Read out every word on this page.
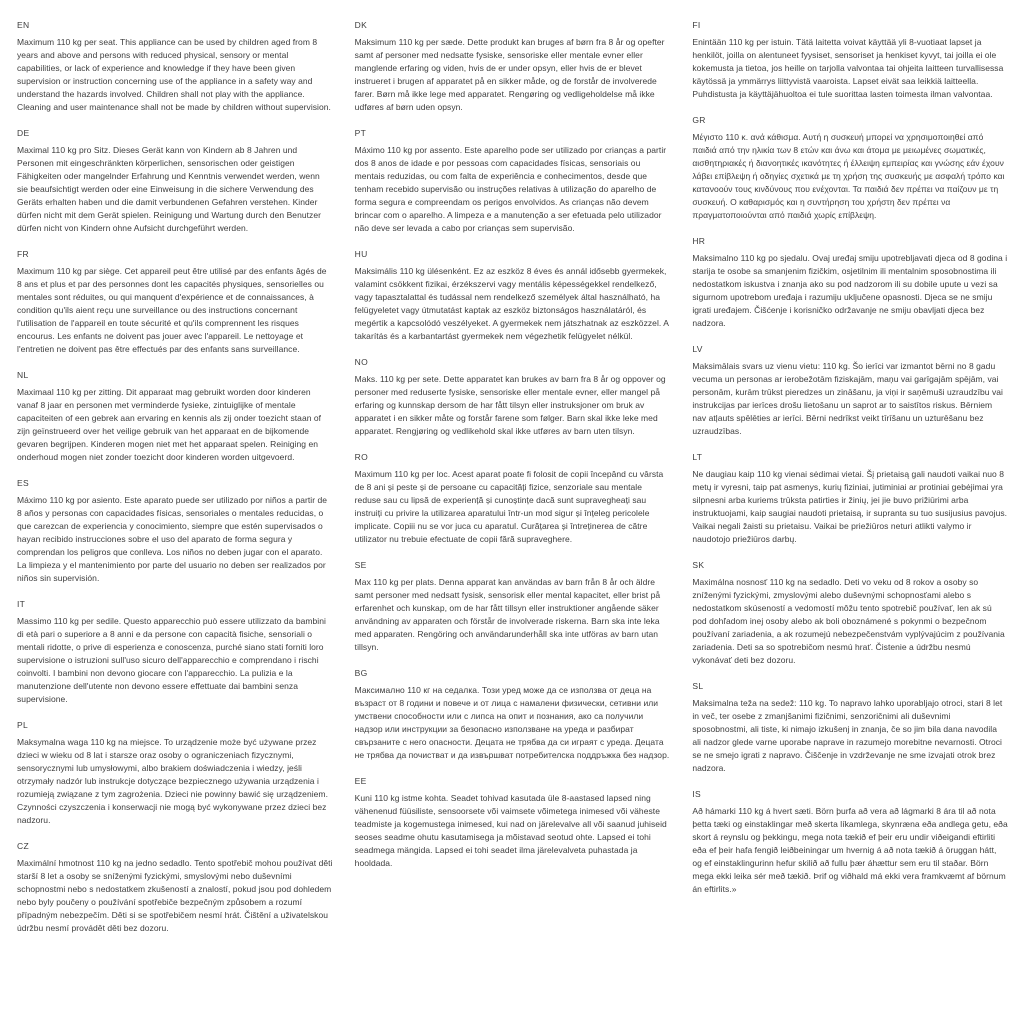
EN

Maximum 110 kg per seat. This appliance can be used by children aged from 8 years and above and persons with reduced physical, sensory or mental capabilities, or lack of experience and knowledge if they have been given supervision or instruction concerning use of the appliance in a safety way and understand the hazards involved. Children shall not play with the appliance. Cleaning and user maintenance shall not be made by children without supervision.

DE

Maximal 110 kg pro Sitz. Dieses Gerät kann von Kindern ab 8 Jahren und Personen mit eingeschränkten körperlichen, sensorischen oder geistigen Fähigkeiten oder mangelnder Erfahrung und Kenntnis verwendet werden, wenn sie beaufsichtigt werden oder eine Einweisung in die sichere Verwendung des Geräts erhalten haben und die damit verbundenen Gefahren verstehen. Kinder dürfen nicht mit dem Gerät spielen. Reinigung und Wartung durch den Benutzer dürfen nicht von Kindern ohne Aufsicht durchgeführt werden.

FR

Maximum 110 kg par siège. Cet appareil peut être utilisé par des enfants âgés de 8 ans et plus et par des personnes dont les capacités physiques, sensorielles ou mentales sont réduites, ou qui manquent d'expérience et de connaissances, à condition qu'ils aient reçu une surveillance ou des instructions concernant l'utilisation de l'appareil en toute sécurité et qu'ils comprennent les risques encourus. Les enfants ne doivent pas jouer avec l'appareil. Le nettoyage et l'entretien ne doivent pas être effectués par des enfants sans surveillance.

NL

Maximaal 110 kg per zitting. Dit apparaat mag gebruikt worden door kinderen vanaf 8 jaar en personen met verminderde fysieke, zintuiglijke of mentale capaciteiten of een gebrek aan ervaring en kennis als zij onder toezicht staan of zijn geïnstrueerd over het veilige gebruik van het apparaat en de bijkomende gevaren begrijpen. Kinderen mogen niet met het apparaat spelen. Reiniging en onderhoud mogen niet zonder toezicht door kinderen worden uitgevoerd.

ES

Máximo 110 kg por asiento. Este aparato puede ser utilizado por niños a partir de 8 años y personas con capacidades físicas, sensoriales o mentales reducidas, o que carezcan de experiencia y conocimiento, siempre que estén supervisados o hayan recibido instrucciones sobre el uso del aparato de forma segura y comprendan los peligros que conlleva. Los niños no deben jugar con el aparato. La limpieza y el mantenimiento por parte del usuario no deben ser realizados por niños sin supervisión.

IT

Massimo 110 kg per sedile. Questo apparecchio può essere utilizzato da bambini di età pari o superiore a 8 anni e da persone con capacità fisiche, sensoriali o mentali ridotte, o prive di esperienza e conoscenza, purché siano stati forniti loro supervisione o istruzioni sull'uso sicuro dell'apparecchio e comprendano i rischi coinvolti. I bambini non devono giocare con l'apparecchio. La pulizia e la manutenzione dell'utente non devono essere effettuate dai bambini senza supervisione.

PL

Maksymalna waga 110 kg na miejsce. To urządzenie może być używane przez dzieci w wieku od 8 lat i starsze oraz osoby o ograniczeniach fizycznymi, sensorycznymi lub umysłowymi, albo brakiem doświadczenia i wiedzy, jeśli otrzymały nadzór lub instrukcje dotyczące bezpiecznego używania urządzenia i rozumieją związane z tym zagrożenia. Dzieci nie powinny bawić się urządzeniem. Czynności czyszczenia i konserwacji nie mogą być wykonywane przez dzieci bez nadzoru.

CZ

Maximální hmotnost 110 kg na jedno sedadlo. Tento spotřebič mohou používat děti starší 8 let a osoby se sníženými fyzickými, smyslovými nebo duševními schopnostmi nebo s nedostatkem zkušeností a znalostí, pokud jsou pod dohledem nebo byly poučeny o používání spotřebiče bezpečným způsobem a rozumí případným nebezpečím. Děti si se spotřebičem nesmí hrát. Čištění a uživatelskou údržbu nesmí provádět děti bez dozoru.

DK

Maksimum 110 kg per sæde. Dette produkt kan bruges af børn fra 8 år og opefter samt af personer med nedsatte fysiske, sensoriske eller mentale evner eller manglende erfaring og viden, hvis de er under opsyn, eller hvis de er blevet instrueret i brugen af apparatet på en sikker måde, og de forstår de involverede farer. Børn må ikke lege med apparatet. Rengøring og vedligeholdelse må ikke udføres af børn uden opsyn.

PT

Máximo 110 kg por assento. Este aparelho pode ser utilizado por crianças a partir dos 8 anos de idade e por pessoas com capacidades físicas, sensoriais ou mentais reduzidas, ou com falta de experiência e conhecimentos, desde que tenham recebido supervisão ou instruções relativas à utilização do aparelho de forma segura e compreendam os perigos envolvidos. As crianças não devem brincar com o aparelho. A limpeza e a manutenção a ser efetuada pelo utilizador não deve ser levada a cabo por crianças sem supervisão.

HU

Maksimális 110 kg ülésenként. Ez az eszköz 8 éves és annál idősebb gyermekek, valamint csökkent fizikai, érzékszervi vagy mentális képességekkel rendelkező, vagy tapasztalattal és tudással nem rendelkező személyek által használható, ha felügyeletet vagy útmutatást kaptak az eszköz biztonságos használatáról, és megértik a kapcsolódó veszélyeket. A gyermekek nem játszhatnak az eszközzel. A takarítás és a karbantartást gyermekek nem végezhetik felügyelet nélkül.

NO

Maks. 110 kg per sete. Dette apparatet kan brukes av barn fra 8 år og oppover og personer med reduserte fysiske, sensoriske eller mentale evner, eller mangel på erfaring og kunnskap dersom de har fått tilsyn eller instruksjoner om bruk av apparatet i en sikker måte og forstår farene som følger. Barn skal ikke leke med apparatet. Rengjøring og vedlikehold skal ikke utføres av barn uten tilsyn.

RO

Maximum 110 kg per loc. Acest aparat poate fi folosit de copii începând cu vârsta de 8 ani și peste și de persoane cu capacități fizice, senzoriale sau mentale reduse sau cu lipsă de experiență și cunoștințe dacă sunt supravegheați sau instruiți cu privire la utilizarea aparatului într-un mod sigur și înțeleg pericolele implicate. Copiii nu se vor juca cu aparatul. Curățarea și întreținerea de către utilizator nu trebuie efectuate de copii fără supraveghere.

SE

Max 110 kg per plats. Denna apparat kan användas av barn från 8 år och äldre samt personer med nedsatt fysisk, sensorisk eller mental kapacitet, eller brist på erfarenhet och kunskap, om de har fått tillsyn eller instruktioner angående säker användning av apparaten och förstår de involverade riskerna. Barn ska inte leka med apparaten. Rengöring och användarunderhåll ska inte utföras av barn utan tillsyn.

BG

Максимално 110 кг на седалка. Този уред може да се използва от деца на възраст от 8 години и повече и от лица с намалени физически, сетивни или умствени способности или с липса на опит и познания, ако са получили надзор или инструкции за безопасно използване на уреда и разбират свързаните с него опасности. Децата не трябва да си играят с уреда. Децата не трябва да почистват и да извършват потребителска поддръжка без надзор.

EE

Kuni 110 kg istme kohta. Seadet tohivad kasutada üle 8-aastased lapsed ning vähenenud füüsiliste, sensoorsete või vaimsete võimetega inimesed või väheste teadmiste ja kogemustega inimesed, kui nad on järelevalve all või saanud juhiseid seoses seadme ohutu kasutamisega ja mõistavad seotud ohte. Lapsed ei tohi seadmega mängida. Lapsed ei tohi seadet ilma järelevalveta puhastada ja hooldada.

FI

Enintään 110 kg per istuin. Tätä laitetta voivat käyttää yli 8-vuotiaat lapset ja henkilöt, joilla on alentuneet fyysiset, sensoriset ja henkiset kyvyt, tai joilla ei ole kokemusta ja tietoa, jos heille on tarjolla valvontaa tai ohjeita laitteen turvallisessa käytössä ja ymmärrys liittyvistä vaaroista. Lapset eivät saa leikkiä laitteella. Puhdistusta ja käyttäjähuoltoa ei tule suorittaa lasten toimesta ilman valvontaa.

GR

Μέγιστο 110 κ. ανά κάθισμα. Αυτή η συσκευή μπορεί να χρησιμοποιηθεί από παιδιά από την ηλικία των 8 ετών και άνω και άτομα με μειωμένες σωματικές, αισθητηριακές ή διανοητικές ικανότητες ή έλλειψη εμπειρίας και γνώσης εάν έχουν λάβει επίβλεψη ή οδηγίες σχετικά με τη χρήση της συσκευής με ασφαλή τρόπο και κατανοούν τους κινδύνους που ενέχονται. Τα παιδιά δεν πρέπει να παίζουν με τη συσκευή. Ο καθαρισμός και η συντήρηση του χρήστη δεν πρέπει να πραγματοποιούνται από παιδιά χωρίς επίβλεψη.

HR

Maksimalno 110 kg po sjedalu. Ovaj uređaj smiju upotrebljavati djeca od 8 godina i starija te osobe sa smanjenim fizičkim, osjetilnim ili mentalnim sposobnostima ili nedostatkom iskustva i znanja ako su pod nadzorom ili su dobile upute u vezi sa sigurnom upotrebom uređaja i razumiju uključene opasnosti. Djeca se ne smiju igrati uređajem. Čišćenje i korisničko održavanje ne smiju obavljati djeca bez nadzora.

LV

Maksimālais svars uz vienu vietu: 110 kg. Šo ierīci var izmantot bērni no 8 gadu vecuma un personas ar ierobežotām fiziskajām, maņu vai garīgajām spējām, vai personām, kurām trūkst pieredzes un zināšanu, ja viņi ir saņēmuši uzraudzību vai instrukcijas par ierīces drošu lietošanu un saprot ar to saistītos riskus. Bērniem nav atļauts spēlēties ar ierīci. Bērni nedrīkst veikt tīrīšanu un uzturēšanu bez uzraudzības.

LT

Ne daugiau kaip 110 kg vienai sėdimai vietai. Šį prietaisą gali naudoti vaikai nuo 8 metų ir vyresni, taip pat asmenys, kurių fiziniai, jutiminiai ar protiniai gebėjimai yra silpnesni arba kuriems trūksta patirties ir žinių, jei jie buvo prižiūrimi arba instruktuojami, kaip saugiai naudoti prietaisą, ir supranta su tuo susijusius pavojus. Vaikai negali žaisti su prietaisu. Vaikai be priežiūros neturi atlikti valymo ir naudotojo priežiūros darbų.

SK

Maximálna nosnosť 110 kg na sedadlo. Deti vo veku od 8 rokov a osoby so zníženými fyzickými, zmyslovými alebo duševnými schopnosťami alebo s nedostatkom skúseností a vedomostí môžu tento spotrebič používať, len ak sú pod dohľadom inej osoby alebo ak boli oboznámené s pokynmi o bezpečnom používaní zariadenia, a ak rozumejú nebezpečenstvám vyplývajúcim z používania zariadenia. Deti sa so spotrebičom nesmú hrať. Čistenie a údržbu nesmú vykonávať deti bez dozoru.

SL

Maksimalna teža na sedež: 110 kg. To napravo lahko uporabljajo otroci, stari 8 let in več, ter osebe z zmanjšanimi fizičnimi, senzoričnimi ali duševnimi sposobnostmi, ali tiste, ki nimajo izkušenj in znanja, če so jim bila dana navodila ali nadzor glede varne uporabe naprave in razumejo morebitne nevarnosti. Otroci se ne smejo igrati z napravo. Čiščenje in vzdrževanje ne sme izvajati otrok brez nadzora.

IS

Að hámarki 110 kg á hvert sæti. Börn þurfa að vera að lágmarki 8 ára til að nota þetta tæki og einstaklingar með skerta líkamlega, skynræna eða andlega getu, eða skort á reynslu og þekkingu, mega nota tækið ef þeir eru undir viðeigandi eftirliti eða ef þeir hafa fengið leiðbeiningar um hvernig á að nota tækið á öruggan hátt, og ef einstaklingurinn hefur skilið að fullu þær áhættur sem eru til staðar. Börn mega ekki leika sér með tækið. Þrif og viðhald má ekki vera framkvæmt af börnum án eftirlits.»
